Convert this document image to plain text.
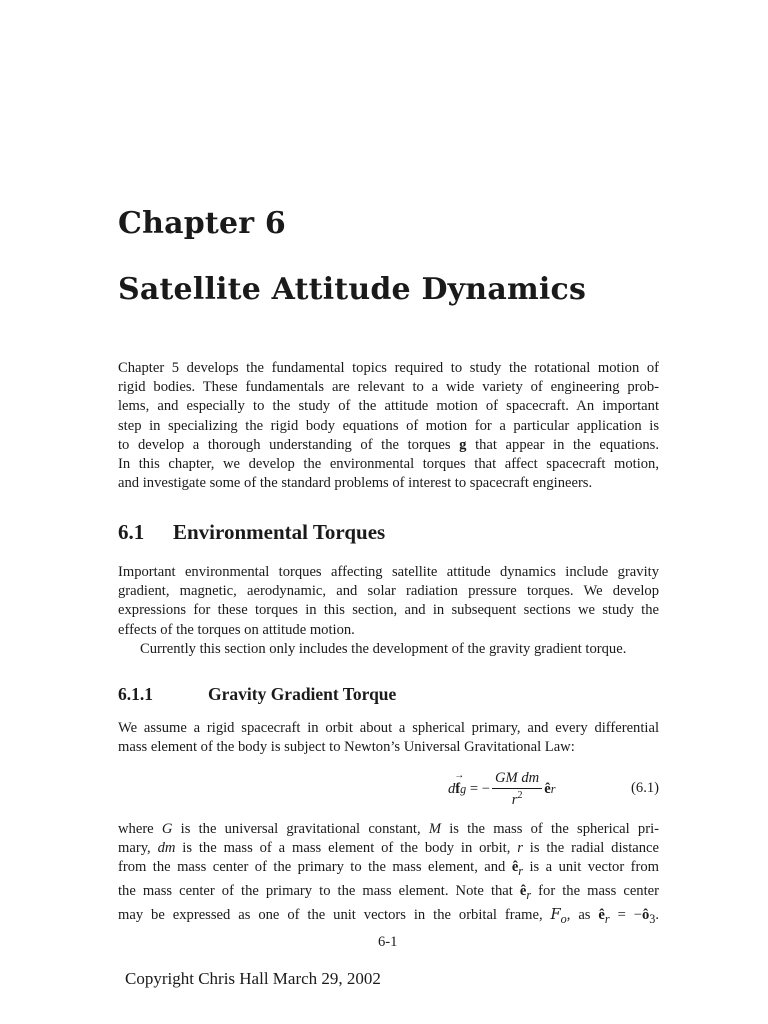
Chapter 6
Satellite Attitude Dynamics
Chapter 5 develops the fundamental topics required to study the rotational motion of
rigid bodies. These fundamentals are relevant to a wide variety of engineering prob-
lems, and especially to the study of the attitude motion of spacecraft. An important
step in specializing the rigid body equations of motion for a particular application is
to develop a thorough understanding of the torques g that appear in the equations.
In this chapter, we develop the environmental torques that affect spacecraft motion,
and investigate some of the standard problems of interest to spacecraft engineers.
6.1 Environmental Torques
Important environmental torques affecting satellite attitude dynamics include gravity
gradient, magnetic, aerodynamic, and solar radiation pressure torques. We develop
expressions for these torques in this section, and in subsequent sections we study the
effects of the torques on attitude motion.
Currently this section only includes the development of the gravity gradient torque.
6.1.1	Gravity Gradient Torque
We assume a rigid spacecraft in orbit about a spherical primary, and every differential
mass element of the body is subject to Newton’s Universal Gravitational Law:
d f
→
g
= − $\frac{\text{GM dm}}{r^2}$ ê r	(6.1)
where G is the universal gravitational constant, M is the mass of the spherical pri-
mary, dm is the mass of a mass element of the body in orbit, r is the radial distance
from the mass center of the primary to the mass element, and $ê_r$ is a unit vector from
the mass center of the primary to the mass element. Note that $ê_r$ for the mass center
may be expressed as one of the unit vectors in the orbital frame, $F_o$, as $ê_r$ = $-ô_3$.
6-1
Copyright Chris Hall March 29, 2002
